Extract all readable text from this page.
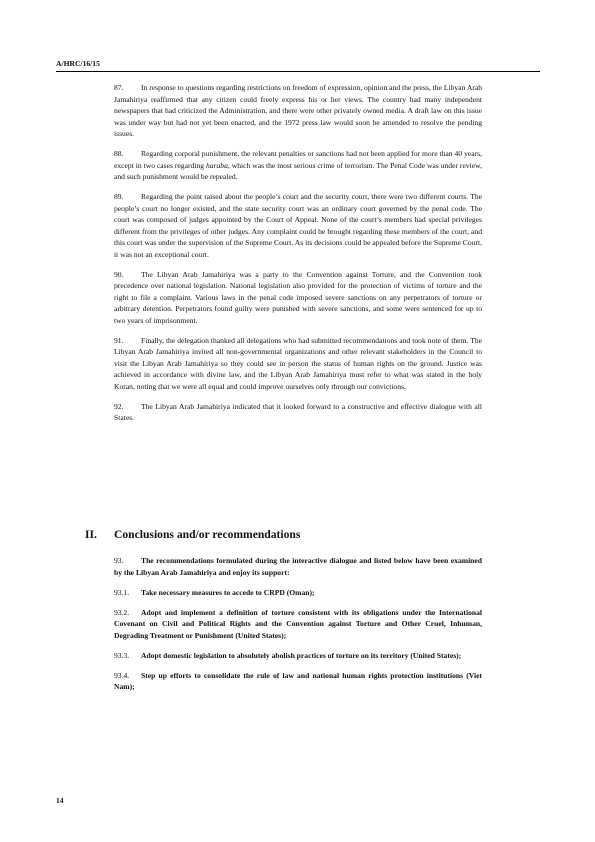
A/HRC/16/15

87. In response to questions regarding restrictions on freedom of expression, opinion and the press, the Libyan Arab Jamahiriya reaffirmed that any citizen could freely express his or her views. The country had many independent newspapers that had criticized the Administration, and there were other privately owned media. A draft law on this issue was under way but had not yet been enacted, and the 1972 press law would soon be amended to resolve the pending issues.

88. Regarding corporal punishment, the relevant penalties or sanctions had not been applied for more than 40 years, except in two cases regarding haraba, which was the most serious crime of terrorism. The Penal Code was under review, and such punishment would be repealed.

89. Regarding the point raised about the people’s court and the security court, there were two different courts. The people’s court no longer existed, and the state security court was an ordinary court governed by the penal code. The court was composed of judges appointed by the Court of Appeal. None of the court’s members had special privileges different from the privileges of other judges. Any complaint could be brought regarding these members of the court, and this court was under the supervision of the Supreme Court. As its decisions could be appealed before the Supreme Court, it was not an exceptional court.

90. The Libyan Arab Jamahiriya was a party to the Convention against Torture, and the Convention took precedence over national legislation. National legislation also provided for the protection of victims of torture and the right to file a complaint. Various laws in the penal code imposed severe sanctions on any perpetrators of torture or arbitrary detention. Perpetrators found guilty were punished with severe sanctions, and some were sentenced for up to two years of imprisonment.

91. Finally, the delegation thanked all delegations who had submitted recommendations and took note of them. The Libyan Arab Jamahiriya invited all non-governmental organizations and other relevant stakeholders in the Council to visit the Libyan Arab Jamahiriya so they could see in person the status of human rights on the ground. Justice was achieved in accordance with divine law, and the Libyan Arab Jamahiriya must refer to what was stated in the holy Koran, noting that we were all equal and could improve ourselves only through our convictions.

92. The Libyan Arab Jamahiriya indicated that it looked forward to a constructive and effective dialogue with all States.

II. Conclusions and/or recommendations

93. The recommendations formulated during the interactive dialogue and listed below have been examined by the Libyan Arab Jamahiriya and enjoy its support:

93.1. Take necessary measures to accede to CRPD (Oman);

93.2. Adopt and implement a definition of torture consistent with its obligations under the International Covenant on Civil and Political Rights and the Convention against Torture and Other Cruel, Inhuman, Degrading Treatment or Punishment (United States);

93.3. Adopt domestic legislation to absolutely abolish practices of torture on its territory (United States);

93.4. Step up efforts to consolidate the rule of law and national human rights protection institutions (Viet Nam);

14
